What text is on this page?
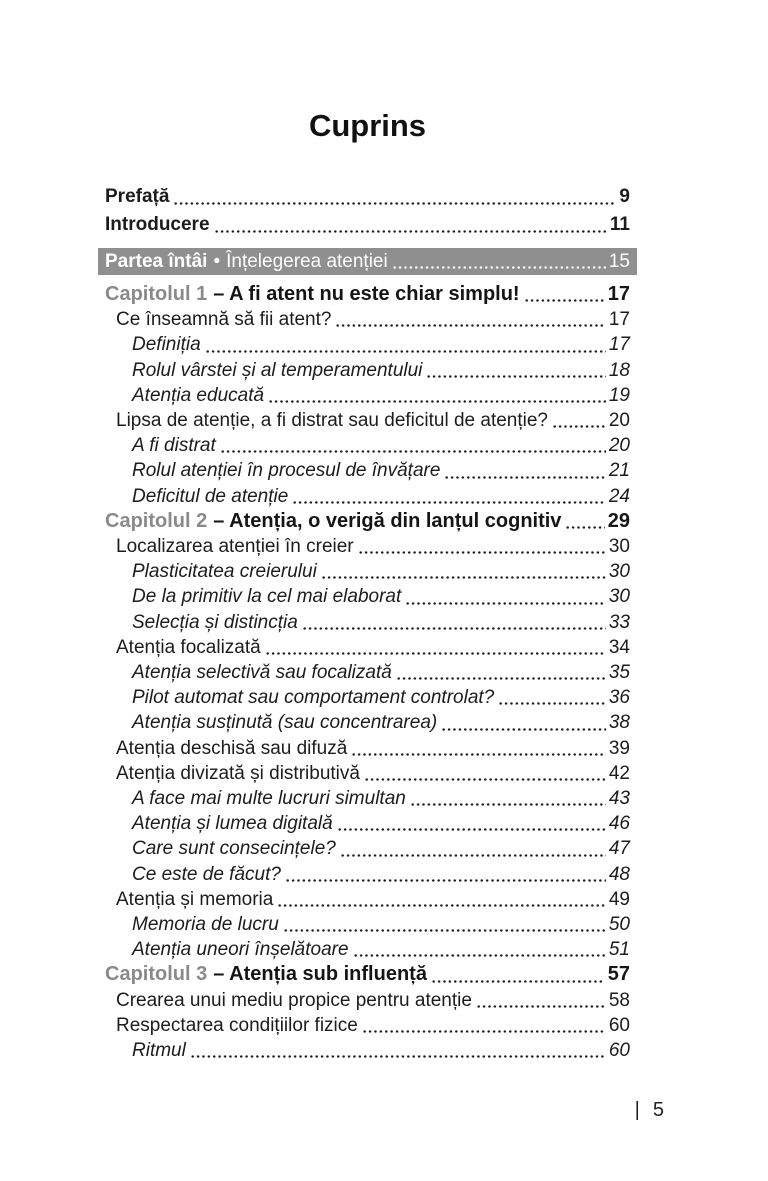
Cuprins
Prefață	9
Introducere	11
Partea întâi • Înțelegerea atenției	15
Capitolul 1 – A fi atent nu este chiar simplu!	17
Ce înseamnă să fii atent?	17
Definiția	17
Rolul vârstei și al temperamentului	18
Atenția educată	19
Lipsa de atenție, a fi distrat sau deficitul de atenție?	20
A fi distrat	20
Rolul atenției în procesul de învățare	21
Deficitul de atenție	24
Capitolul 2 – Atenția, o verigă din lanțul cognitiv 29
Localizarea atenției în creier	30
Plasticitatea creierului	30
De la primitiv la cel mai elaborat	30
Selecția și distincția	33
Atenția focalizată	34
Atenția selectivă sau focalizată	35
Pilot automat sau comportament controlat?	36
Atenția susținută (sau concentrarea)	38
Atenția deschisă sau difuză	39
Atenția divizată și distributivă	42
A face mai multe lucruri simultan	43
Atenția și lumea digitală	46
Care sunt consecințele?	47
Ce este de făcut?	48
Atenția și memoria	49
Memoria de lucru	50
Atenția uneori înșelătoare	51
Capitolul 3 – Atenția sub influență	57
Crearea unui mediu propice pentru atenție	58
Respectarea condițiilor fizice	60
Ritmul	60
| 5
